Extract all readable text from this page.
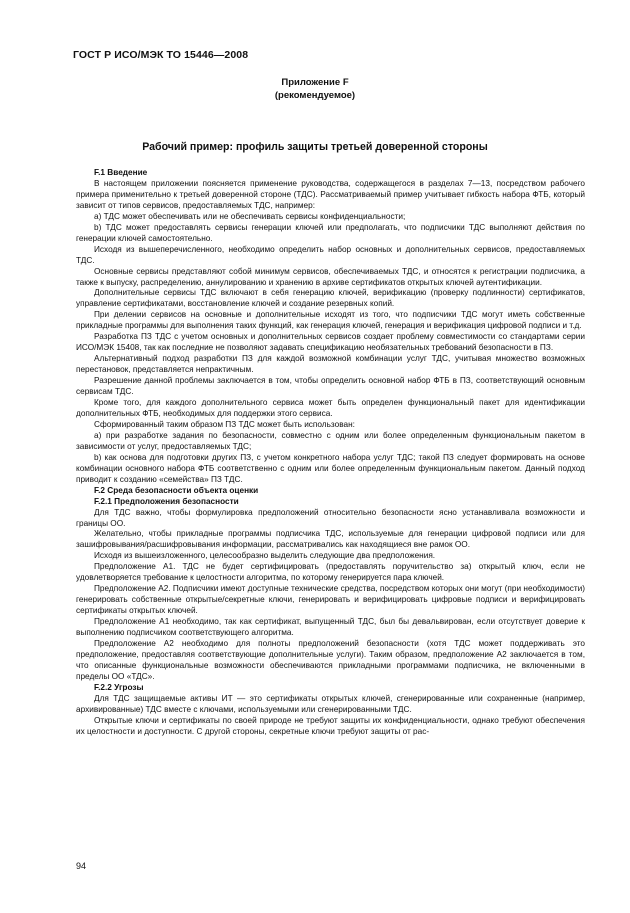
ГОСТ Р ИСО/МЭК ТО 15446—2008
Приложение F
(рекомендуемое)
Рабочий пример: профиль защиты третьей доверенной стороны

F.1 Введение

В настоящем приложении поясняется применение руководства, содержащегося в разделах 7—13, посредством рабочего примера применительно к третьей доверенной стороне (ТДС). Рассматриваемый пример учитывает гибкость набора ФТБ, который зависит от типов сервисов, предоставляемых ТДС, например:

а) ТДС может обеспечивать или не обеспечивать сервисы конфиденциальности;

b) ТДС может предоставлять сервисы генерации ключей или предполагать, что подписчики ТДС выполняют действия по генерации ключей самостоятельно.

Исходя из вышеперечисленного, необходимо определить набор основных и дополнительных сервисов, предоставляемых ТДС.

Основные сервисы представляют собой минимум сервисов, обеспечиваемых ТДС, и относятся к регистрации подписчика, а также к выпуску, распределению, аннулированию и хранению в архиве сертификатов открытых ключей аутентификации.

Дополнительные сервисы ТДС включают в себя генерацию ключей, верификацию (проверку подлинности) сертификатов, управление сертификатами, восстановление ключей и создание резервных копий.

При делении сервисов на основные и дополнительные исходят из того, что подписчики ТДС могут иметь собственные прикладные программы для выполнения таких функций, как генерация ключей, генерация и верификация цифровой подписи и т.д.

Разработка ПЗ ТДС с учетом основных и дополнительных сервисов создает проблему совместимости со стандартами серии ИСО/МЭК 15408, так как последние не позволяют задавать спецификацию необязательных требований безопасности в ПЗ.

Альтернативный подход разработки ПЗ для каждой возможной комбинации услуг ТДС, учитывая множество возможных перестановок, представляется непрактичным.

Разрешение данной проблемы заключается в том, чтобы определить основной набор ФТБ в ПЗ, соответствующий основным сервисам ТДС.

Кроме того, для каждого дополнительного сервиса может быть определен функциональный пакет для идентификации дополнительных ФТБ, необходимых для поддержки этого сервиса.

Сформированный таким образом ПЗ ТДС может быть использован:

а) при разработке задания по безопасности, совместно с одним или более определенным функциональным пакетом в зависимости от услуг, предоставляемых ТДС;

b) как основа для подготовки других ПЗ, с учетом конкретного набора услуг ТДС; такой ПЗ следует формировать на основе комбинации основного набора ФТБ соответственно с одним или более определенным функциональным пакетом. Данный подход приводит к созданию «семейства» ПЗ ТДС.

F.2 Среда безопасности объекта оценки

F.2.1 Предположения безопасности

Для ТДС важно, чтобы формулировка предположений относительно безопасности ясно устанавливала возможности и границы ОО.

Желательно, чтобы прикладные программы подписчика ТДС, используемые для генерации цифровой подписи или для зашифровывания/расшифровывания информации, рассматривались как находящиеся вне рамок ОО.

Исходя из вышеизложенного, целесообразно выделить следующие два предположения.

Предположение А1. ТДС не будет сертифицировать (предоставлять поручительство за) открытый ключ, если не удовлетворяется требование к целостности алгоритма, по которому генерируется пара ключей.

Предположение А2. Подписчики имеют доступные технические средства, посредством которых они могут (при необходимости) генерировать собственные открытые/секретные ключи, генерировать и верифицировать цифровые подписи и верифицировать сертификаты открытых ключей.

Предположение А1 необходимо, так как сертификат, выпущенный ТДС, был бы девальвирован, если отсутствует доверие к выполнению подписчиком соответствующего алгоритма.

Предположение А2 необходимо для полноты предположений безопасности (хотя ТДС может поддерживать это предположение, предоставляя соответствующие дополнительные услуги). Таким образом, предположение А2 заключается в том, что описанные функциональные возможности обеспечиваются прикладными программами подписчика, не включенными в пределы ОО «ТДС».

F.2.2 Угрозы

Для ТДС защищаемые активы ИТ — это сертификаты открытых ключей, сгенерированные или сохраненные (например, архивированные) ТДС вместе с ключами, используемыми или сгенерированными ТДС.

Открытые ключи и сертификаты по своей природе не требуют защиты их конфиденциальности, однако требуют обеспечения их целостности и доступности. С другой стороны, секретные ключи требуют защиты от рас-

94
